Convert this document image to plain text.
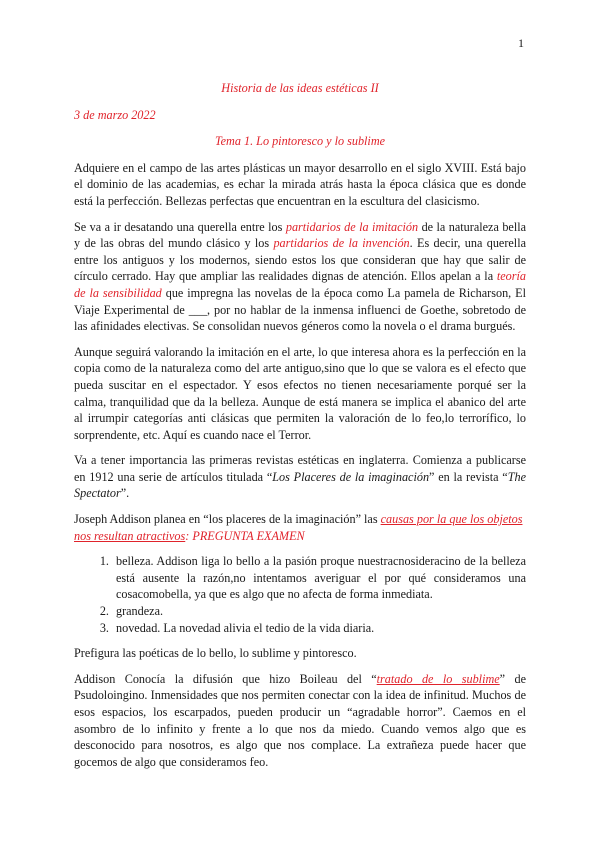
1
Historia de las ideas estéticas II
3 de marzo 2022
Tema 1. Lo pintoresco y lo sublime

Adquiere en el campo de las artes plásticas un mayor desarrollo en el siglo XVIII. Está bajo el dominio de las academias, es echar la mirada atrás hasta la época clásica que es donde está la perfección. Bellezas perfectas que encuentran en la escultura del clasicismo.

Se va a ir desatando una querella entre los partidarios de la imitación de la naturaleza bella y de las obras del mundo clásico y los partidarios de la invención. Es decir, una querella entre los antiguos y los modernos, siendo estos los que consideran que hay que salir de círculo cerrado. Hay que ampliar las realidades dignas de atención. Ellos apelan a la teoría de la sensibilidad que impregna las novelas de la época como La pamela de Richarson, El Viaje Experimental de ___, por no hablar de la inmensa influenci de Goethe, sobretodo de las afinidades electivas. Se consolidan nuevos géneros como la novela o el drama burgués.

Aunque seguirá valorando la imitación en el arte, lo que interesa ahora es la perfección en la copia como de la naturaleza como del arte antiguo,sino que lo que se valora es el efecto que pueda suscitar en el espectador. Y esos efectos no tienen necesariamente porqué ser la calma, tranquilidad que da la belleza. Aunque de está manera se implica el abanico del arte al irrumpir categorías anti clásicas que permiten la valoración de lo feo,lo terrorífico, lo sorprendente, etc. Aquí es cuando nace el Terror.

Va a tener importancia las primeras revistas estéticas en inglaterra. Comienza a publicarse en 1912 una serie de artículos titulada “Los Placeres de la imaginación” en la revista “The Spectator”.

Joseph Addison planea en “los placeres de la imaginación” las causas por la que los objetos nos resultan atractivos: PREGUNTA EXAMEN

1. belleza. Addison liga lo bello a la pasión proque nuestracnosideracino de la belleza está ausente la razón,no intentamos averiguar el por qué consideramos una cosacomobella, ya que es algo que no afecta de forma inmediata.
2. grandeza.
3. novedad. La novedad alivia el tedio de la vida diaria.

Prefigura las poéticas de lo bello, lo sublime y pintoresco.

Addison Conocía la difusión que hizo Boileau del “tratado de lo sublime” de Psudoloingino. Inmensidades que nos permiten conectar con la idea de infinitud. Muchos de esos espacios, los escarpados, pueden producir un “agradable horror”. Caemos en el asombro de lo infinito y frente a lo que nos da miedo. Cuando vemos algo que es desconocido para nosotros, es algo que nos complace. La extrañeza puede hacer que gocemos de algo que consideramos feo.
